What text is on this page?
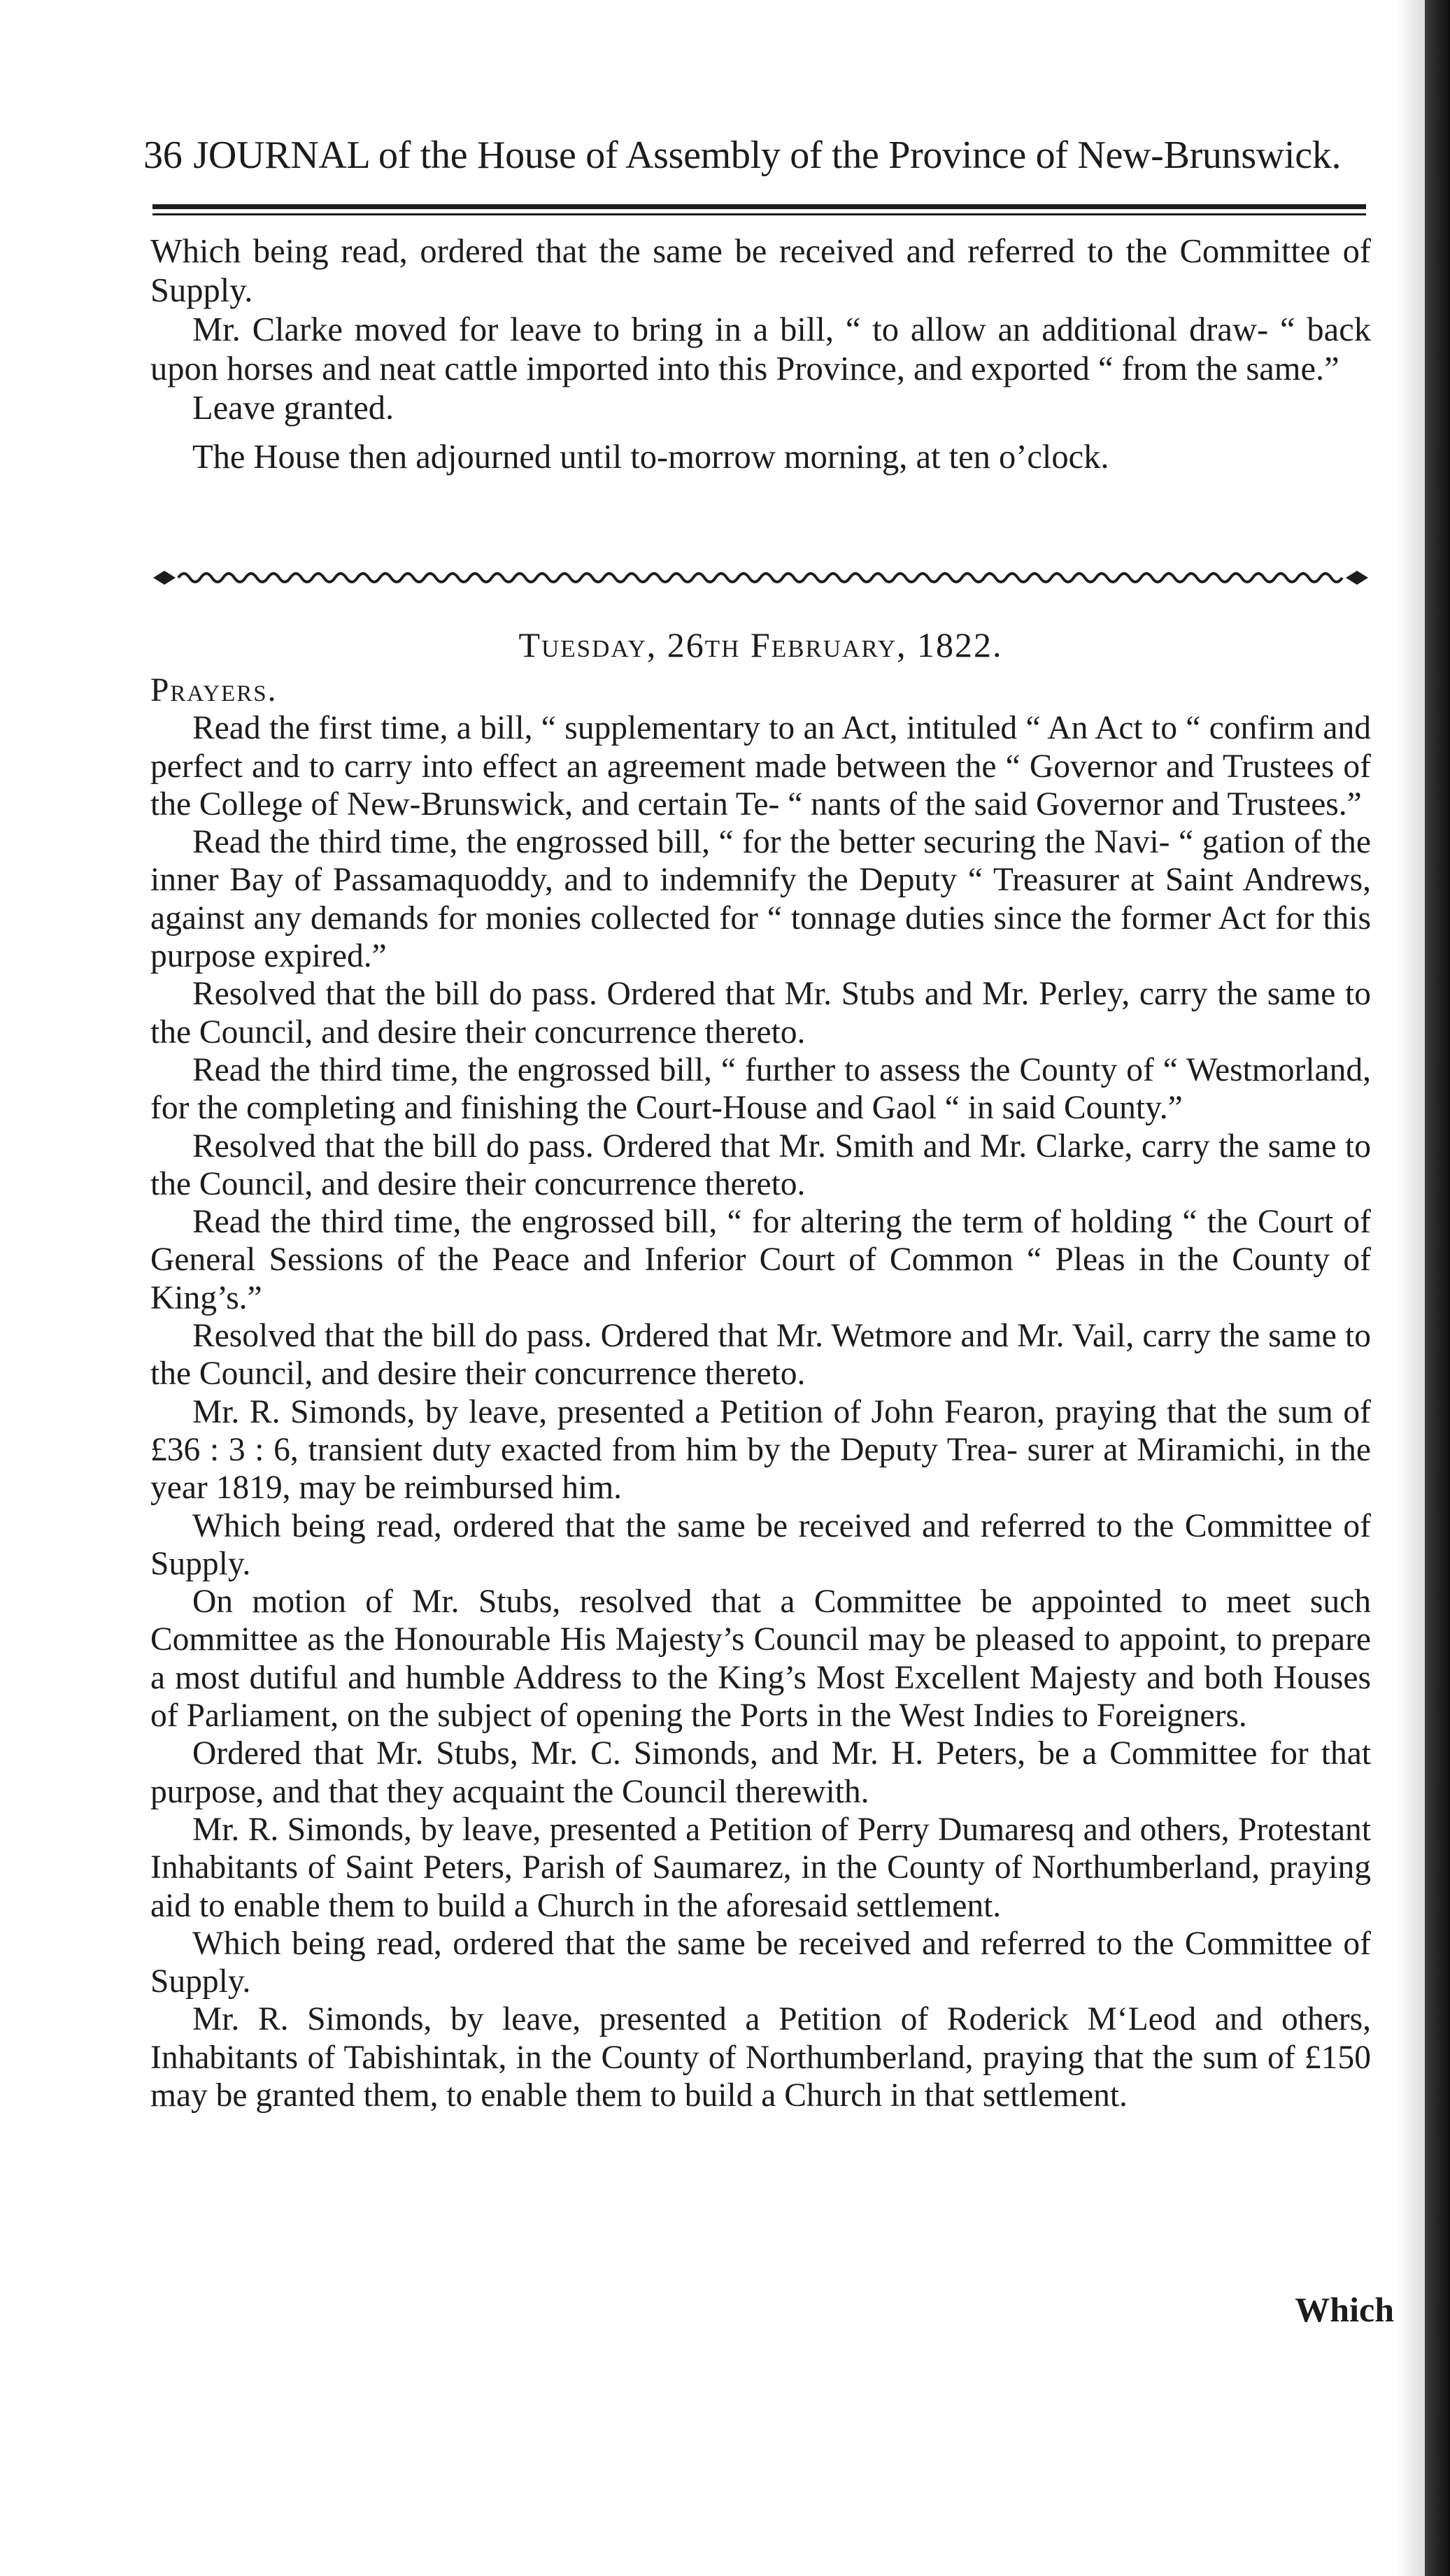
36 JOURNAL of the House of Assembly of the Province of New-Brunswick.

Which being read, ordered that the same be received and referred to the Committee of Supply.

Mr. Clarke moved for leave to bring in a bill, “ to allow an additional draw- “ back upon horses and neat cattle imported into this Province, and exported “ from the same.”

Leave granted.

The House then adjourned until to-morrow morning, at ten o’clock.

Tuesday, 26th February, 1822.

Prayers.

Read the first time, a bill, “ supplementary to an Act, intituled “ An Act to “ confirm and perfect and to carry into effect an agreement made between the “ Governor and Trustees of the College of New-Brunswick, and certain Te- “ nants of the said Governor and Trustees.”

Read the third time, the engrossed bill, “ for the better securing the Navi- “ gation of the inner Bay of Passamaquoddy, and to indemnify the Deputy “ Treasurer at Saint Andrews, against any demands for monies collected for “ tonnage duties since the former Act for this purpose expired.”

Resolved that the bill do pass. Ordered that Mr. Stubs and Mr. Perley, carry the same to the Council, and desire their concurrence thereto.

Read the third time, the engrossed bill, “ further to assess the County of “ Westmorland, for the completing and finishing the Court-House and Gaol “ in said County.”

Resolved that the bill do pass. Ordered that Mr. Smith and Mr. Clarke, carry the same to the Council, and desire their concurrence thereto.

Read the third time, the engrossed bill, “ for altering the term of holding “ the Court of General Sessions of the Peace and Inferior Court of Common “ Pleas in the County of King’s.”

Resolved that the bill do pass. Ordered that Mr. Wetmore and Mr. Vail, carry the same to the Council, and desire their concurrence thereto.

Mr. R. Simonds, by leave, presented a Petition of John Fearon, praying that the sum of £36 : 3 : 6, transient duty exacted from him by the Deputy Trea- surer at Miramichi, in the year 1819, may be reimbursed him.

Which being read, ordered that the same be received and referred to the Committee of Supply.

On motion of Mr. Stubs, resolved that a Committee be appointed to meet such Committee as the Honourable His Majesty’s Council may be pleased to appoint, to prepare a most dutiful and humble Address to the King’s Most Excellent Majesty and both Houses of Parliament, on the subject of opening the Ports in the West Indies to Foreigners.

Ordered that Mr. Stubs, Mr. C. Simonds, and Mr. H. Peters, be a Committee for that purpose, and that they acquaint the Council therewith.

Mr. R. Simonds, by leave, presented a Petition of Perry Dumaresq and others, Protestant Inhabitants of Saint Peters, Parish of Saumarez, in the County of Northumberland, praying aid to enable them to build a Church in the aforesaid settlement.

Which being read, ordered that the same be received and referred to the Committee of Supply.

Mr. R. Simonds, by leave, presented a Petition of Roderick M‘Leod and others, Inhabitants of Tabishintak, in the County of Northumberland, praying that the sum of £150 may be granted them, to enable them to build a Church in that settlement.

Which
